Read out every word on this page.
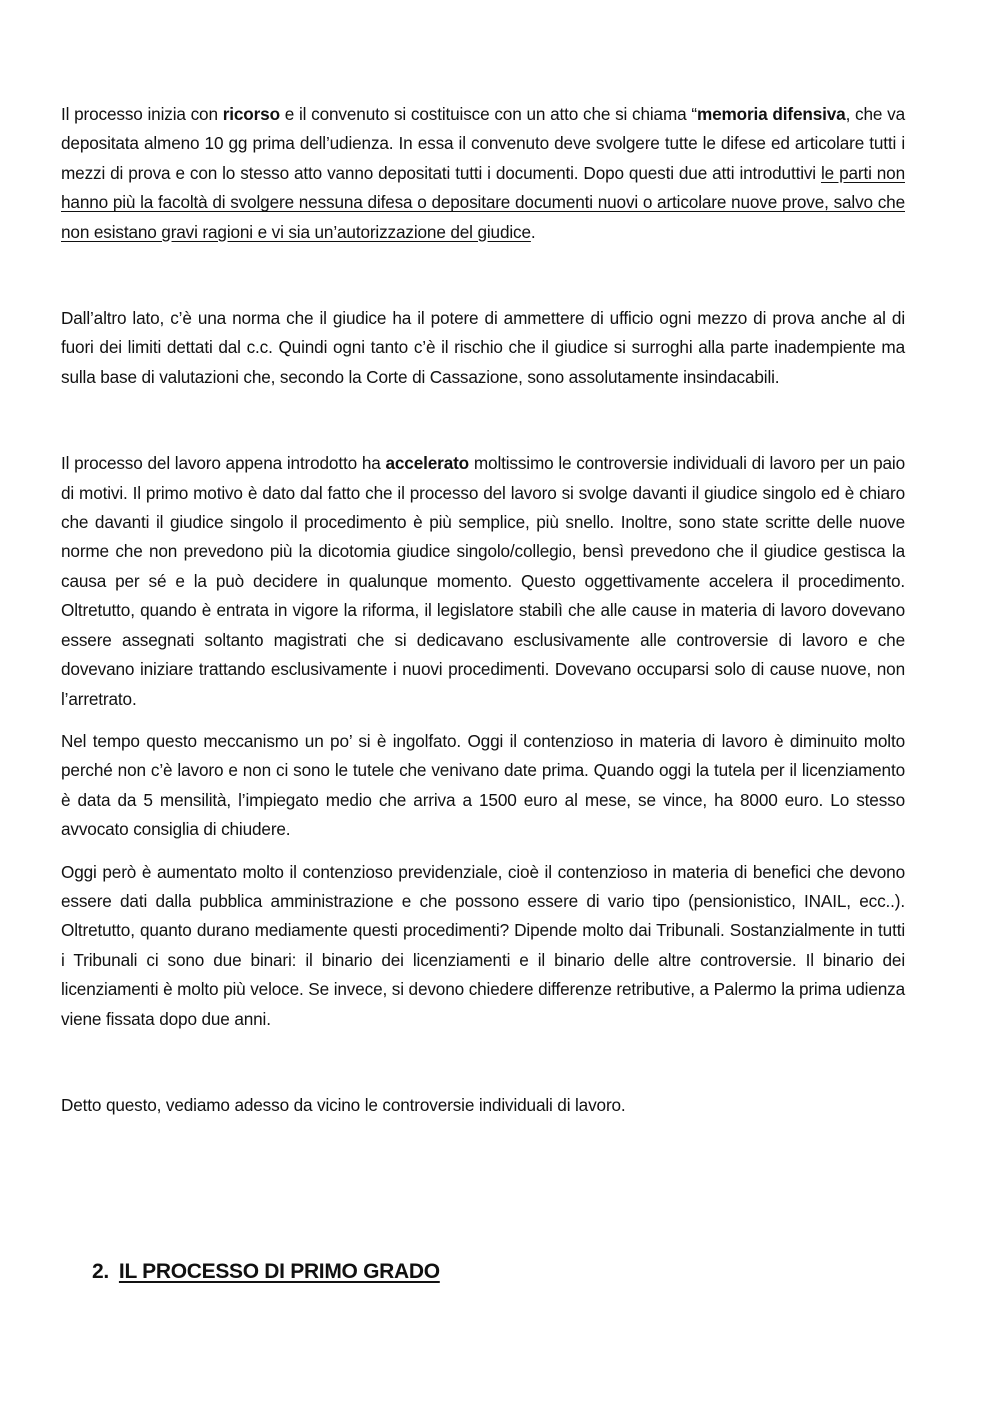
Il processo inizia con ricorso e il convenuto si costituisce con un atto che si chiama “memoria difensiva, che va depositata almeno 10 gg prima dell’udienza. In essa il convenuto deve svolgere tutte le difese ed articolare tutti i mezzi di prova e con lo stesso atto vanno depositati tutti i documenti. Dopo questi due atti introduttivi le parti non hanno più la facoltà di svolgere nessuna difesa o depositare documenti nuovi o articolare nuove prove, salvo che non esistano gravi ragioni e vi sia un’autorizzazione del giudice.

Dall’altro lato, c’è una norma che il giudice ha il potere di ammettere di ufficio ogni mezzo di prova anche al di fuori dei limiti dettati dal c.c. Quindi ogni tanto c’è il rischio che il giudice si surroghi alla parte inadempiente ma sulla base di valutazioni che, secondo la Corte di Cassazione, sono assolutamente insindacabili.

Il processo del lavoro appena introdotto ha accelerato moltissimo le controversie individuali di lavoro per un paio di motivi. Il primo motivo è dato dal fatto che il processo del lavoro si svolge davanti il giudice singolo ed è chiaro che davanti il giudice singolo il procedimento è più semplice, più snello. Inoltre, sono state scritte delle nuove norme che non prevedono più la dicotomia giudice singolo/collegio, bensì prevedono che il giudice gestisca la causa per sé e la può decidere in qualunque momento. Questo oggettivamente accelera il procedimento. Oltretutto, quando è entrata in vigore la riforma, il legislatore stabilì che alle cause in materia di lavoro dovevano essere assegnati soltanto magistrati che si dedicavano esclusivamente alle controversie di lavoro e che dovevano iniziare trattando esclusivamente i nuovi procedimenti. Dovevano occuparsi solo di cause nuove, non l’arretrato.

Nel tempo questo meccanismo un po’ si è ingolfato. Oggi il contenzioso in materia di lavoro è diminuito molto perché non c’è lavoro e non ci sono le tutele che venivano date prima. Quando oggi la tutela per il licenziamento è data da 5 mensilità, l’impiegato medio che arriva a 1500 euro al mese, se vince, ha 8000 euro. Lo stesso avvocato consiglia di chiudere.

Oggi però è aumentato molto il contenzioso previdenziale, cioè il contenzioso in materia di benefici che devono essere dati dalla pubblica amministrazione e che possono essere di vario tipo (pensionistico, INAIL, ecc..). Oltretutto, quanto durano mediamente questi procedimenti? Dipende molto dai Tribunali. Sostanzialmente in tutti i Tribunali ci sono due binari: il binario dei licenziamenti e il binario delle altre controversie. Il binario dei licenziamenti è molto più veloce. Se invece, si devono chiedere differenze retributive, a Palermo la prima udienza viene fissata dopo due anni.

Detto questo, vediamo adesso da vicino le controversie individuali di lavoro.

2. IL PROCESSO DI PRIMO GRADO
